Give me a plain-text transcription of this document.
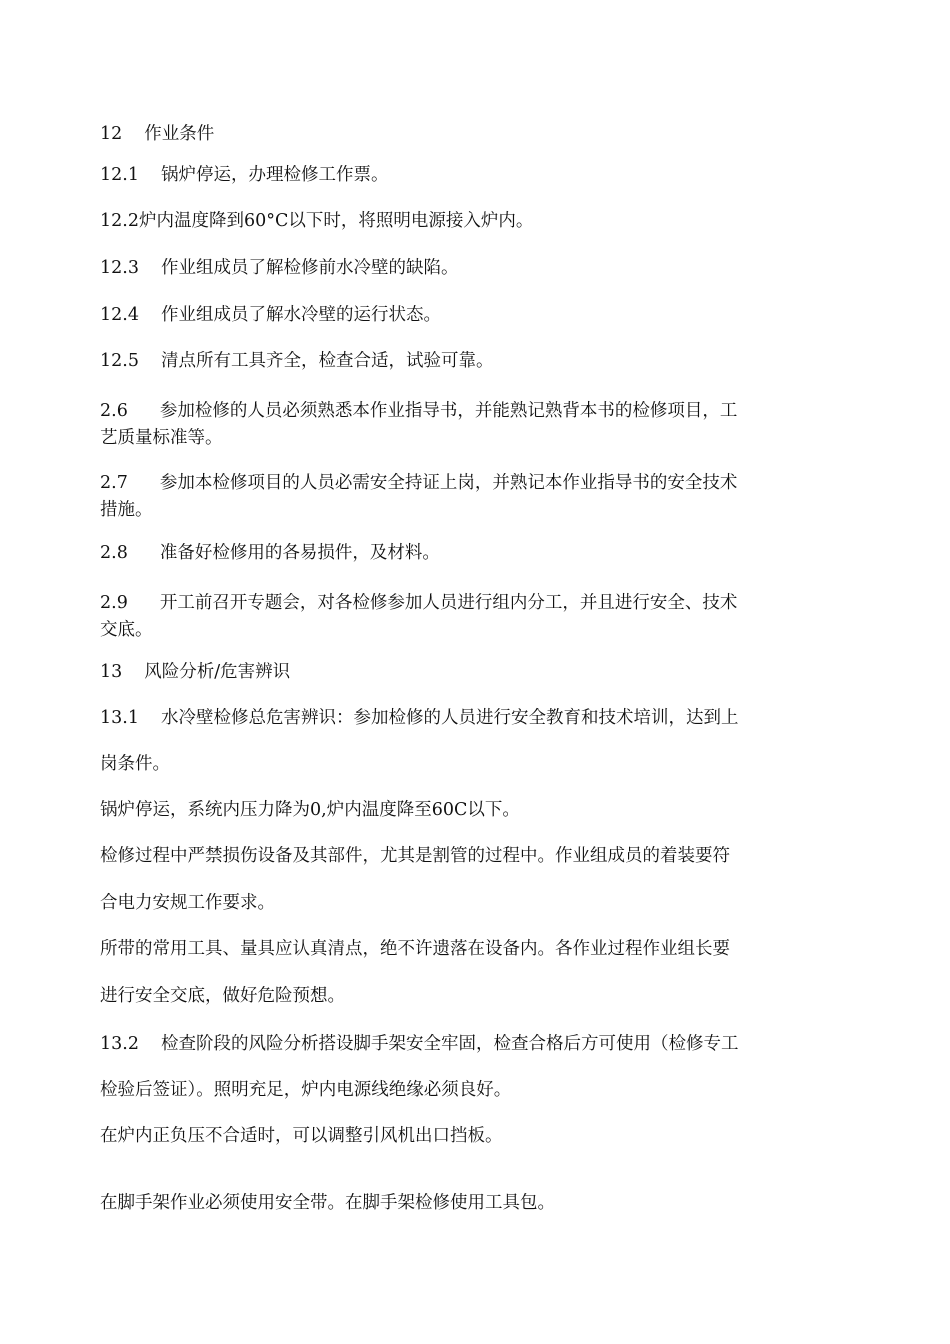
12 作业条件
12.1 锅炉停运，办理检修工作票。
12.2炉内温度降到60°C以下时，将照明电源接入炉内。
12.3 作业组成员了解检修前水冷壁的缺陷。
12.4 作业组成员了解水冷壁的运行状态。
12.5 清点所有工具齐全，检查合适，试验可靠。
2.6 参加检修的人员必须熟悉本作业指导书，并能熟记熟背本书的检修项目，工
艺质量标准等。
2.7 参加本检修项目的人员必需安全持证上岗，并熟记本作业指导书的安全技术
措施。
2.8 准备好检修用的各易损件，及材料。
2.9 开工前召开专题会，对各检修参加人员进行组内分工，并且进行安全、技术
交底。
13 风险分析/危害辨识
13.1 水冷壁检修总危害辨识：参加检修的人员进行安全教育和技术培训，达到上
岗条件。
锅炉停运，系统内压力降为0,炉内温度降至60C以下。
检修过程中严禁损伤设备及其部件，尤其是割管的过程中。作业组成员的着装要符
合电力安规工作要求。
所带的常用工具、量具应认真清点，绝不许遗落在设备内。各作业过程作业组长要
进行安全交底，做好危险预想。
13.2 检查阶段的风险分析搭设脚手架安全牢固，检查合格后方可使用（检修专工
检验后签证）。照明充足，炉内电源线绝缘必须良好。
在炉内正负压不合适时，可以调整引风机出口挡板。
在脚手架作业必须使用安全带。在脚手架检修使用工具包。
